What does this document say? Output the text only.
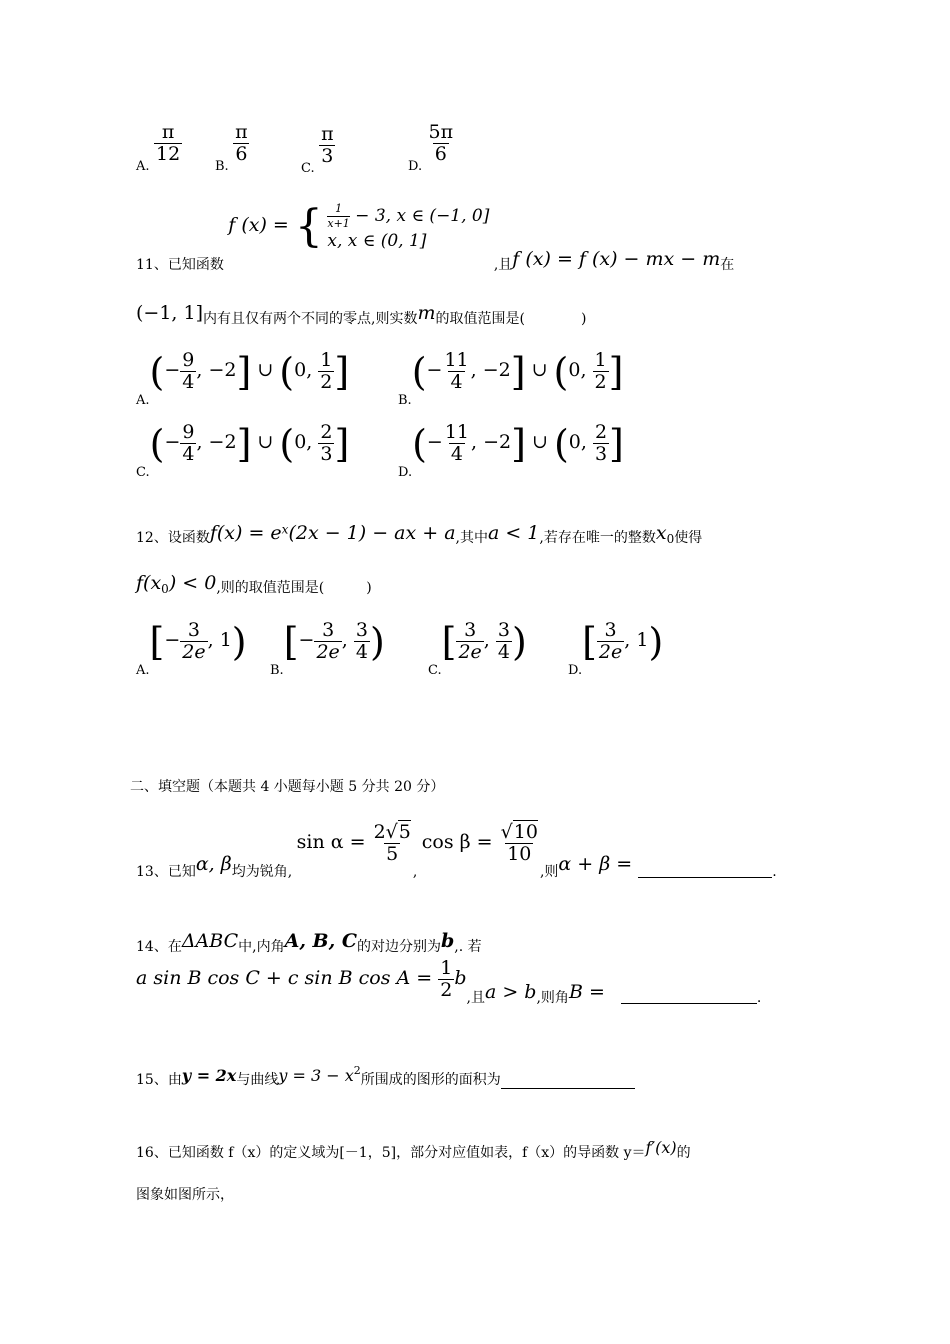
A.
$\frac{\pi}{12}$
B.
$\frac{\pi}{6}$
C.
$\frac{\pi}{3}$	D.
$\frac{5\pi}{6}$
11、已知函数 f (x) = { $\frac{1}{x+1} - 3$, x ∈ (−1, 0]
x, x ∈ (0, 1]
,且f (x) = f (x) − mx − m在
(−1, 1]内有且仅有两个不同的零点,则实数m的取值范围是(　　　　)
$A.(- \frac{9}{4}$ , −2] ∪ (0, $\frac{1}{2}$ ]
$B.(- \frac{11}{4}$ , −2] ∪ (0, $\frac{1}{2}$ ]
$C.(- \frac{9}{4}$ , −2] ∪ (0, $\frac{2}{3}$ ]
$D.(- \frac{11}{4}$ , −2] ∪ (0, $\frac{2}{3}$ ]
12、设函数$f(x) = e^x(2x - 1)$ − ax + a,其中a < 1,若存在唯一的整数$x_0$使得
$f(x_0) < 0$,则的取值范围是(　　　)
$A.[- \frac{3}{2e}$ , 1)
$B.[- \frac{3}{2e}$ , $\frac{3}{4}$ )
$C.[ \frac{3}{2e}$ , $\frac{3}{4}$ )
$D.[ \frac{3}{2e}$ , 1)
二、填空题（本题共 4 小题每小题 5 分共 20 分）
13、已知α, β均为锐角, $\sin \alpha = \frac{2√5}{5}$
, $\cos \beta = \frac{√10}{10}$
,则α + β =	.
14、在ΔABC中,内角A, B, C的对边分别为b,. 若
a sin B cos C + c sin B $\cos A = \frac{1}{2} b$,且a > b,则角B =	.
15、由y = 2x与曲线$y = 3 - x^2$所围成的图形的面积为
16、已知函数 f（x）的定义域为[－1，5]，部分对应值如表，f（x）的导函数 y＝f′(x)的
图象如图所示，
